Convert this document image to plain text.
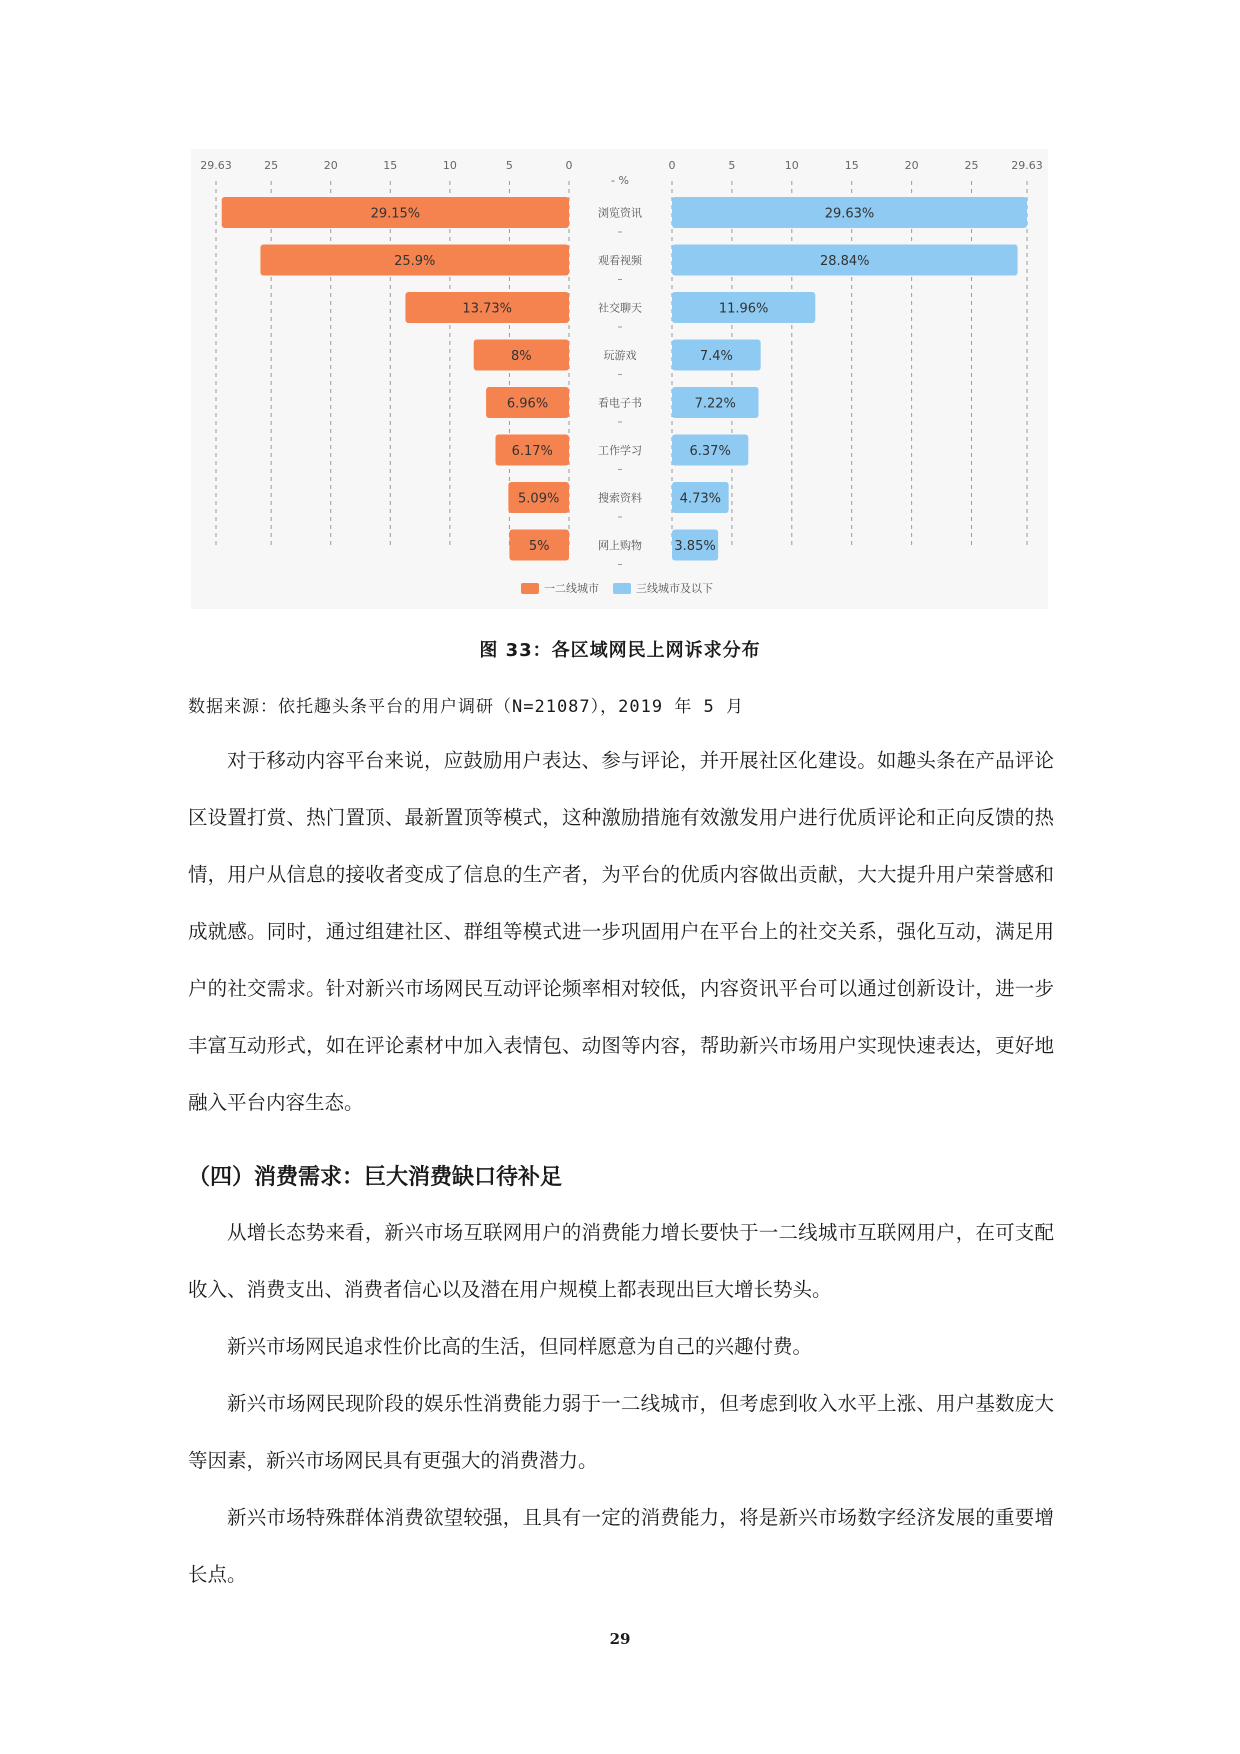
29.63	25	20	15	10	5	0	0	5	10	15	20	25	29.63
- %
29.15%	29.63%
浏览资讯
25.9%	28.84%
观看视频
13.73%	11.96%
社交聊天
8%	7.4%
玩游戏
6.96%	7.22%
看电子书
6.17%	6.37%
工作学习
5.09%	4.73%
搜索资料
5%	3.85%
网上购物
一二线城市	三线城市及以下
图 33：各区域网民上网诉求分布
数据来源：依托趣头条平台的用户调研（N=21087），2019 年 5 月

对于移动内容平台来说，应鼓励用户表达、参与评论，并开展社区化建设。如趣头条在产品评论区设置打赏、热门置顶、最新置顶等模式，这种激励措施有效激发用户进行优质评论和正向反馈的热情，用户从信息的接收者变成了信息的生产者，为平台的优质内容做出贡献，大大提升用户荣誉感和成就感。同时，通过组建社区、群组等模式进一步巩固用户在平台上的社交关系，强化互动，满足用户的社交需求。针对新兴市场网民互动评论频率相对较低，内容资讯平台可以通过创新设计，进一步丰富互动形式，如在评论素材中加入表情包、动图等内容，帮助新兴市场用户实现快速表达，更好地融入平台内容生态。

（四）消费需求：巨大消费缺口待补足

从增长态势来看，新兴市场互联网用户的消费能力增长要快于一二线城市互联网用户，在可支配收入、消费支出、消费者信心以及潜在用户规模上都表现出巨大增长势头。

新兴市场网民追求性价比高的生活，但同样愿意为自己的兴趣付费。

新兴市场网民现阶段的娱乐性消费能力弱于一二线城市，但考虑到收入水平上涨、用户基数庞大等因素，新兴市场网民具有更强大的消费潜力。

新兴市场特殊群体消费欲望较强，且具有一定的消费能力，将是新兴市场数字经济发展的重要增长点。

29
